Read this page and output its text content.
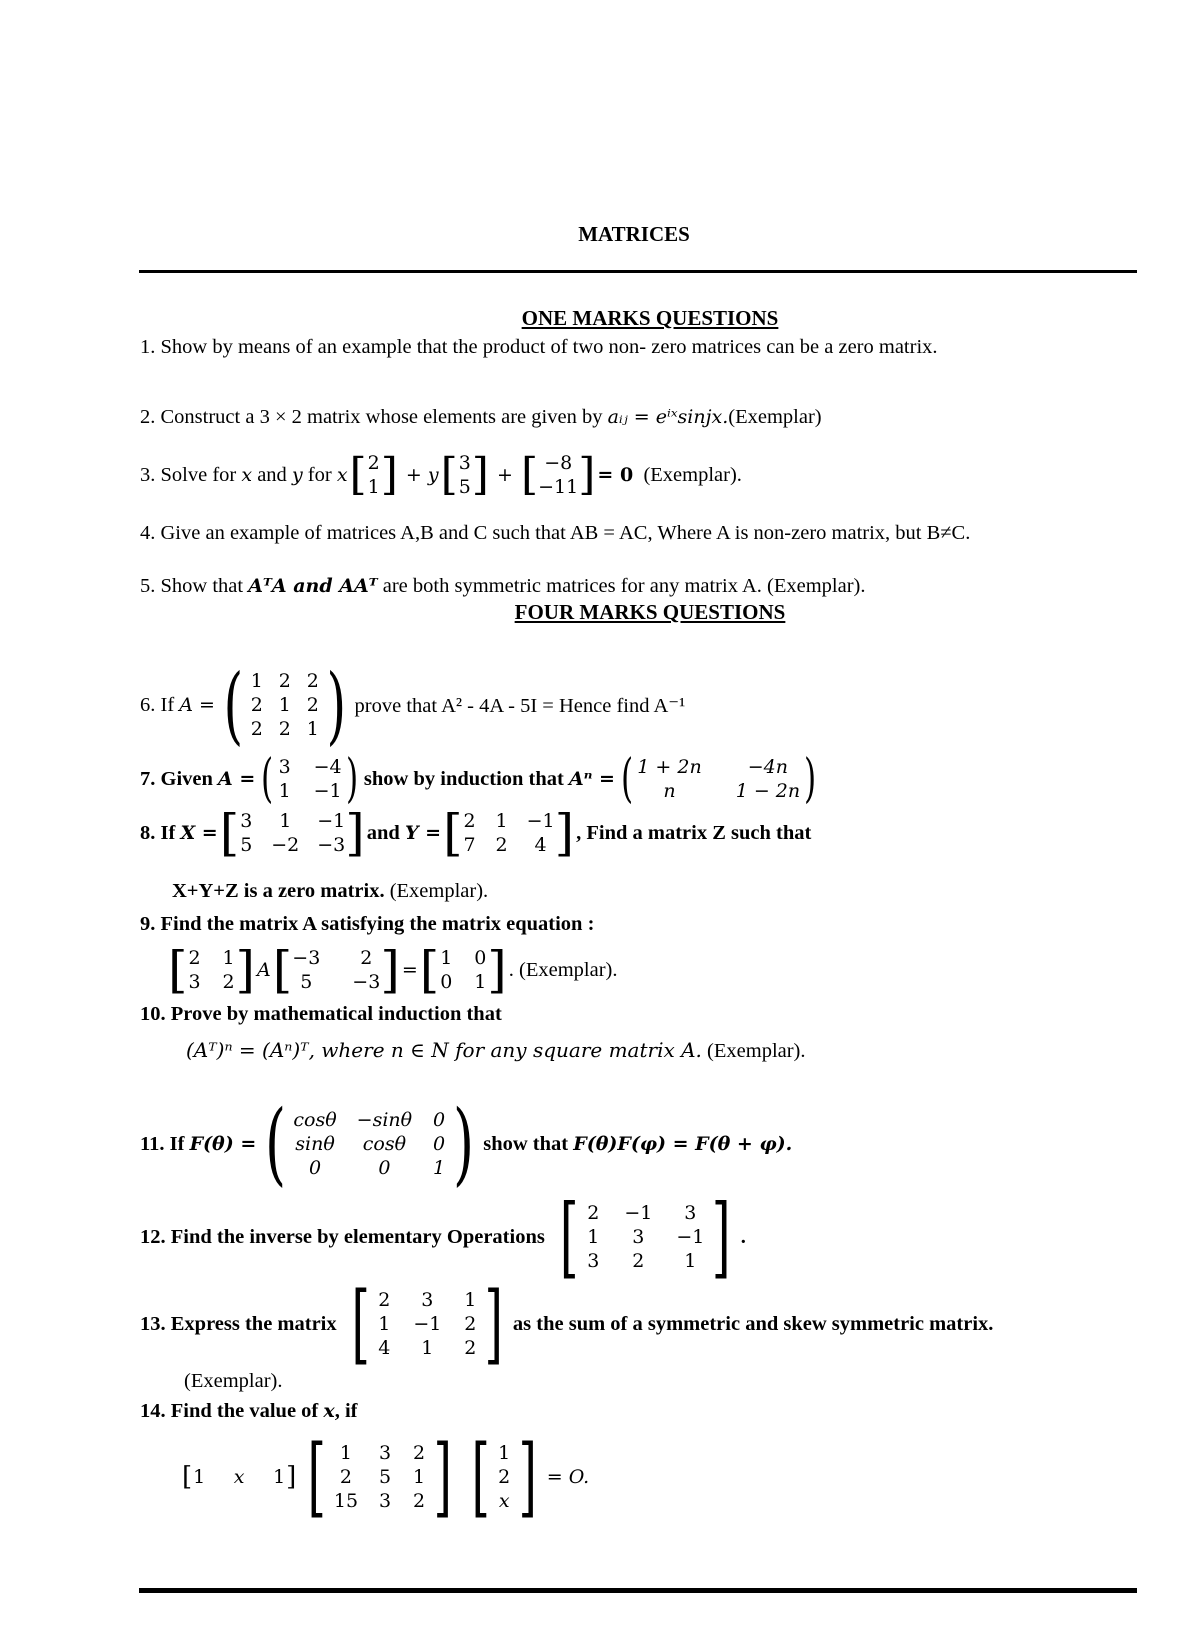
MATRICES
ONE MARKS QUESTIONS
1. Show by means of an example that the product of two non- zero matrices can be a zero matrix.
2. Construct a 3 × 2 matrix whose elements are given by aᵢⱼ = eⁱˣsinjx.(Exemplar)
3.
Solve for
x
and
y
for
x [ 2
1 ] + y [ 3
5 ] + [ −8
−11 ] = 0
(Exemplar).
4. Give an example of matrices A,B and C such that AB = AC, Where A is non-zero matrix, but B≠C.
5. Show that AᵀA and AAᵀ are both symmetric matrices for any matrix A. (Exemplar).
FOUR MARKS QUESTIONS
6. If
A = ( 1 2 2
2 1 2
2 2 1 ) prove that A² - 4A - 5I = Hence find A⁻¹
7. Given
A = ( 3 −4
1 −1 ) show by induction that
Aⁿ = ( 1 + 2n	−4n
n	1 − 2n )
8. If
X = [ 3	1	−1
5 −2 −3 ] and
Y = [ 2 1 −1
7 2	4 ] , Find a matrix Z such that
X+Y+Z is a zero matrix. (Exemplar).
9. Find the matrix A satisfying the matrix equation :
[ 2 1
3 2 ] A [ −3	2
5	−3 ] = [ 1 0
0 1 ] . (Exemplar).
10. Prove by mathematical induction that
(Aᵀ)ⁿ = (Aⁿ)ᵀ, where n ∈ N for any square matrix A. (Exemplar).
11. If
F(θ) = ( cosθ −sinθ 0
sinθ	cosθ	0
0	0	1 ) show that
F(θ)F(φ) = F(θ + φ).
12.
Find the inverse by elementary Operations
[ 2 −1	3
1	3	−1
3	2	1 ] .
13.
Express the matrix
[ 2	3	1
1 −1 2
4	1	2 ] as the sum of a symmetric and skew symmetric matrix.
(Exemplar).
14. Find the value of x, if
[ 1 x 1 ] [ 1	3 2
2	5 1
15 3 2 ] [ 1
2
x ] = O.
